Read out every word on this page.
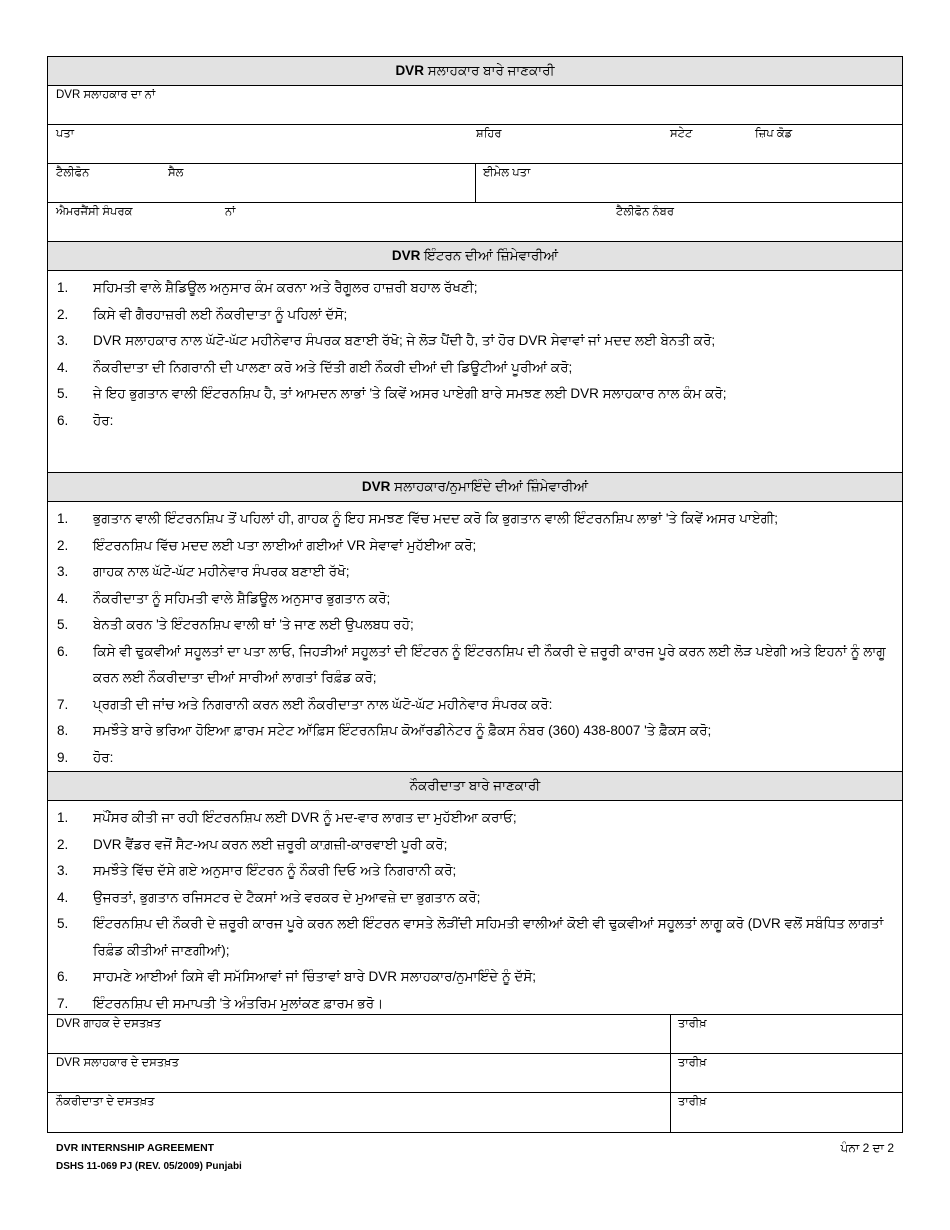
DVR ਸਲਾਹਕਾਰ ਬਾਰੇ ਜਾਣਕਾਰੀ
DVR ਸਲਾਹਕਾਰ ਦਾ ਨਾਂ
ਪਤਾ	ਸ਼ਹਿਰ	ਸਟੇਟ	ਜ਼ਿਪ ਕੋਡ
ਟੈਲੀਫੋਨ	ਸੈਲ	ਈਮੇਲ ਪਤਾ
ਐਮਰਜੈਂਸੀ ਸੰਪਰਕ	ਨਾਂ	ਟੈਲੀਫੋਨ ਨੰਬਰ
DVR ਇੰਟਰਨ ਦੀਆਂ ਜ਼ਿੰਮੇਵਾਰੀਆਂ
1.	ਸਹਿਮਤੀ ਵਾਲੇ ਸ਼ੈਡਿਊਲ ਅਨੁਸਾਰ ਕੰਮ ਕਰਨਾ ਅਤੇ ਰੈਗੂਲਰ ਹਾਜ਼ਰੀ ਬਹਾਲ ਰੱਖਣੀ;
2.	ਕਿਸੇ ਵੀ ਗੈਰਹਾਜ਼ਰੀ ਲਈ ਨੌਕਰੀਦਾਤਾ ਨੂੰ ਪਹਿਲਾਂ ਦੱਸੋ;
3.	DVR ਸਲਾਹਕਾਰ ਨਾਲ ਘੱਟੋ-ਘੱਟ ਮਹੀਨੇਵਾਰ ਸੰਪਰਕ ਬਣਾਈ ਰੱਖੋ; ਜੇ ਲੋੜ ਪੈਂਦੀ ਹੈ, ਤਾਂ ਹੋਰ DVR ਸੇਵਾਵਾਂ ਜਾਂ ਮਦਦ ਲਈ ਬੇਨਤੀ ਕਰੋ;
4.	ਨੌਕਰੀਦਾਤਾ ਦੀ ਨਿਗਰਾਨੀ ਦੀ ਪਾਲਣਾ ਕਰੋ ਅਤੇ ਦਿੱਤੀ ਗਈ ਨੌਕਰੀ ਦੀਆਂ ਦੀ ਡਿਊਟੀਆਂ ਪੂਰੀਆਂ ਕਰੋ;
5.	ਜੇ ਇਹ ਭੁਗਤਾਨ ਵਾਲੀ ਇੰਟਰਨਸ਼ਿਪ ਹੈ, ਤਾਂ ਆਮਦਨ ਲਾਭਾਂ 'ਤੇ ਕਿਵੇਂ ਅਸਰ ਪਾਏਗੀ ਬਾਰੇ ਸਮਝਣ ਲਈ DVR ਸਲਾਹਕਾਰ ਨਾਲ ਕੰਮ ਕਰੋ;
6.	ਹੋਰ:
DVR ਸਲਾਹਕਾਰ/ਨੁਮਾਇੰਦੇ ਦੀਆਂ ਜ਼ਿੰਮੇਵਾਰੀਆਂ
1.	ਭੁਗਤਾਨ ਵਾਲੀ ਇੰਟਰਨਸ਼ਿਪ ਤੋਂ ਪਹਿਲਾਂ ਹੀ, ਗਾਹਕ ਨੂੰ ਇਹ ਸਮਝਣ ਵਿੱਚ ਮਦਦ ਕਰੋ ਕਿ ਭੁਗਤਾਨ ਵਾਲੀ ਇੰਟਰਨਸ਼ਿਪ ਲਾਭਾਂ 'ਤੇ ਕਿਵੇਂ ਅਸਰ ਪਾਏਗੀ;
2.	ਇੰਟਰਨਸ਼ਿਪ ਵਿੱਚ ਮਦਦ ਲਈ ਪਤਾ ਲਾਈਆਂ ਗਈਆਂ VR ਸੇਵਾਵਾਂ ਮੁਹੱਈਆ ਕਰੋ;
3.	ਗਾਹਕ ਨਾਲ ਘੱਟੋ-ਘੱਟ ਮਹੀਨੇਵਾਰ ਸੰਪਰਕ ਬਣਾਈ ਰੱਖੋ;
4.	ਨੌਕਰੀਦਾਤਾ ਨੂੰ ਸਹਿਮਤੀ ਵਾਲੇ ਸ਼ੈਡਿਊਲ ਅਨੁਸਾਰ ਭੁਗਤਾਨ ਕਰੋ;
5.	ਬੇਨਤੀ ਕਰਨ 'ਤੇ ਇੰਟਰਨਸ਼ਿਪ ਵਾਲੀ ਥਾਂ 'ਤੇ ਜਾਣ ਲਈ ਉਪਲਬਧ ਰਹੋ;
6.	ਕਿਸੇ ਵੀ ਢੁਕਵੀਆਂ ਸਹੂਲਤਾਂ ਦਾ ਪਤਾ ਲਾਓ, ਜਿਹੜੀਆਂ ਸਹੂਲਤਾਂ ਦੀ ਇੰਟਰਨ ਨੂੰ ਇੰਟਰਨਸ਼ਿਪ ਦੀ ਨੌਕਰੀ ਦੇ ਜ਼ਰੂਰੀ ਕਾਰਜ ਪੂਰੇ ਕਰਨ ਲਈ ਲੋੜ ਪਏਗੀ ਅਤੇ ਇਹਨਾਂ ਨੂੰ ਲਾਗੂ ਕਰਨ ਲਈ ਨੌਕਰੀਦਾਤਾ ਦੀਆਂ ਸਾਰੀਆਂ ਲਾਗਤਾਂ ਰਿਫ਼ੰਡ ਕਰੋ;
7.	ਪ੍ਰਗਤੀ ਦੀ ਜਾਂਚ ਅਤੇ ਨਿਗਰਾਨੀ ਕਰਨ ਲਈ ਨੌਕਰੀਦਾਤਾ ਨਾਲ ਘੱਟੋ-ਘੱਟ ਮਹੀਨੇਵਾਰ ਸੰਪਰਕ ਕਰੋ:
8.	ਸਮਝੌਤੇ ਬਾਰੇ ਭਰਿਆ ਹੋਇਆ ਫ਼ਾਰਮ ਸਟੇਟ ਆੱਫ਼ਿਸ ਇੰਟਰਨਸ਼ਿਪ ਕੋਆੱਰਡੀਨੇਟਰ ਨੂੰ ਫ਼ੈਕਸ ਨੰਬਰ (360) 438-8007 'ਤੇ ਫ਼ੈਕਸ ਕਰੋ;
9.	ਹੋਰ:
ਨੌਕਰੀਦਾਤਾ ਬਾਰੇ ਜਾਣਕਾਰੀ
1.	ਸਪੌਂਸਰ ਕੀਤੀ ਜਾ ਰਹੀ ਇੰਟਰਨਸ਼ਿਪ ਲਈ DVR ਨੂੰ ਮਦ-ਵਾਰ ਲਾਗਤ ਦਾ ਮੁਹੱਈਆ ਕਰਾਓ;
2.	DVR ਵੈਂਡਰ ਵਜੋਂ ਸੈਟ-ਅਪ ਕਰਨ ਲਈ ਜ਼ਰੂਰੀ ਕਾਗ਼ਜ਼ੀ-ਕਾਰਵਾਈ ਪੂਰੀ ਕਰੋ;
3.	ਸਮਝੌਤੇ ਵਿੱਚ ਦੱਸੇ ਗਏ ਅਨੁਸਾਰ ਇੰਟਰਨ ਨੂੰ ਨੌਕਰੀ ਦਿਓ ਅਤੇ ਨਿਗਰਾਨੀ ਕਰੋ;
4.	ਉਜਰਤਾਂ, ਭੁਗਤਾਨ ਰਜਿਸਟਰ ਦੇ ਟੈਕਸਾਂ ਅਤੇ ਵਰਕਰ ਦੇ ਮੁਆਵਜ਼ੇ ਦਾ ਭੁਗਤਾਨ ਕਰੋ;
5.	ਇੰਟਰਨਸ਼ਿਪ ਦੀ ਨੌਕਰੀ ਦੇ ਜ਼ਰੂਰੀ ਕਾਰਜ ਪੂਰੇ ਕਰਨ ਲਈ ਇੰਟਰਨ ਵਾਸਤੇ ਲੋੜੀਂਦੀ ਸਹਿਮਤੀ ਵਾਲੀਆਂ ਕੋਈ ਵੀ ਢੁਕਵੀਆਂ ਸਹੂਲਤਾਂ ਲਾਗੂ ਕਰੋ (DVR ਵਲੋਂ ਸਬੰਧਿਤ ਲਾਗਤਾਂ ਰਿਫ਼ੰਡ ਕੀਤੀਆਂ ਜਾਣਗੀਆਂ);
6.	ਸਾਹਮਣੇ ਆਈਆਂ ਕਿਸੇ ਵੀ ਸਮੱਸਿਆਵਾਂ ਜਾਂ ਚਿੰਤਾਵਾਂ ਬਾਰੇ DVR ਸਲਾਹਕਾਰ/ਨੁਮਾਇੰਦੇ ਨੂੰ ਦੱਸੋ;
7.	ਇੰਟਰਨਸ਼ਿਪ ਦੀ ਸਮਾਪਤੀ 'ਤੇ ਅੰਤਰਿਮ ਮੁਲਾਂਕਣ ਫ਼ਾਰਮ ਭਰੋ।
DVR ਗਾਹਕ ਦੇ ਦਸਤਖ਼ਤ	ਤਾਰੀਖ਼
DVR ਸਲਾਹਕਾਰ ਦੇ ਦਸਤਖ਼ਤ	ਤਾਰੀਖ਼
ਨੌਕਰੀਦਾਤਾ ਦੇ ਦਸਤਖ਼ਤ	ਤਾਰੀਖ਼
DVR INTERNSHIP AGREEMENT
DSHS 11-069 PJ (REV. 05/2009) Punjabi
ਪੰਨਾ 2 ਦਾ 2
